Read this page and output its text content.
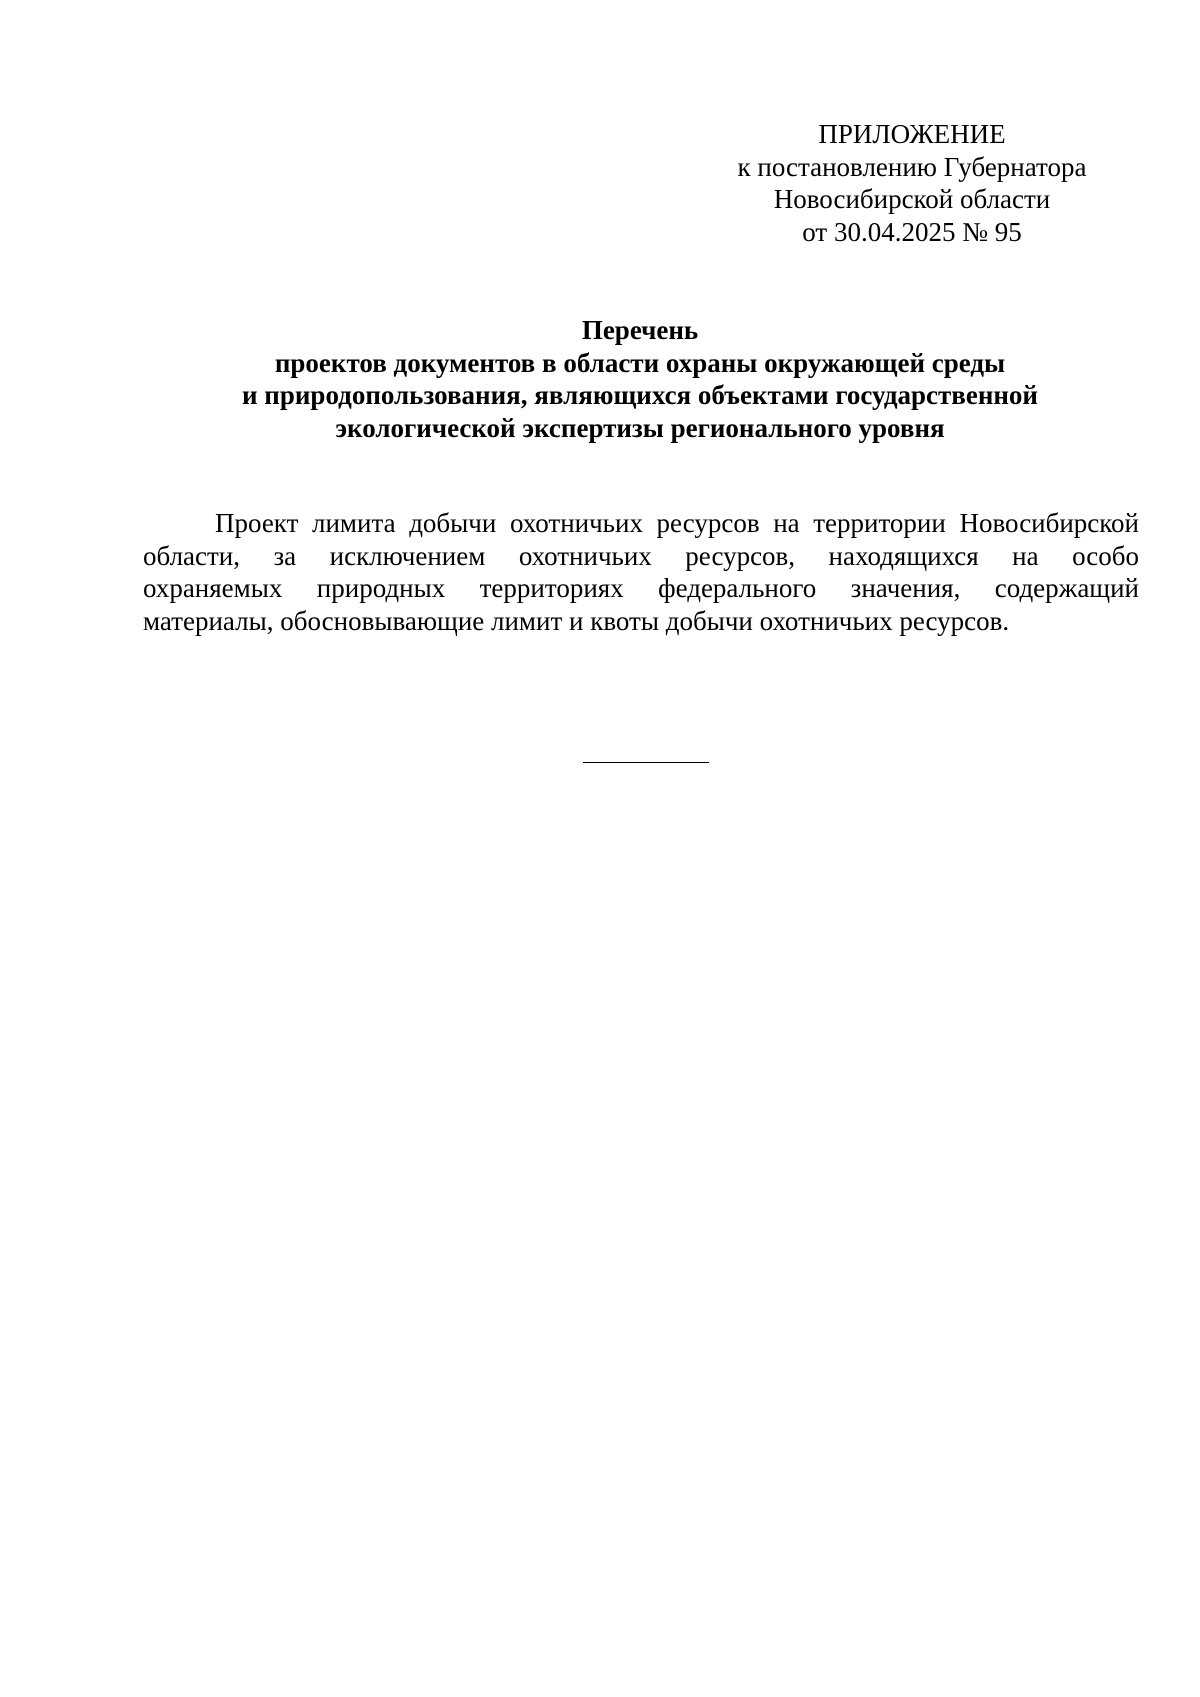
ПРИЛОЖЕНИЕ
к постановлению Губернатора
Новосибирской области
от 30.04.2025 № 95
Перечень
проектов документов в области охраны окружающей среды
и природопользования, являющихся объектами государственной
экологической экспертизы регионального уровня
Проект лимита добычи охотничьих ресурсов на территории Новосибирской
области, за исключением охотничьих ресурсов, находящихся на особо
охраняемых природных территориях федерального значения, содержащий
материалы, обосновывающие лимит и квоты добычи охотничьих ресурсов.
